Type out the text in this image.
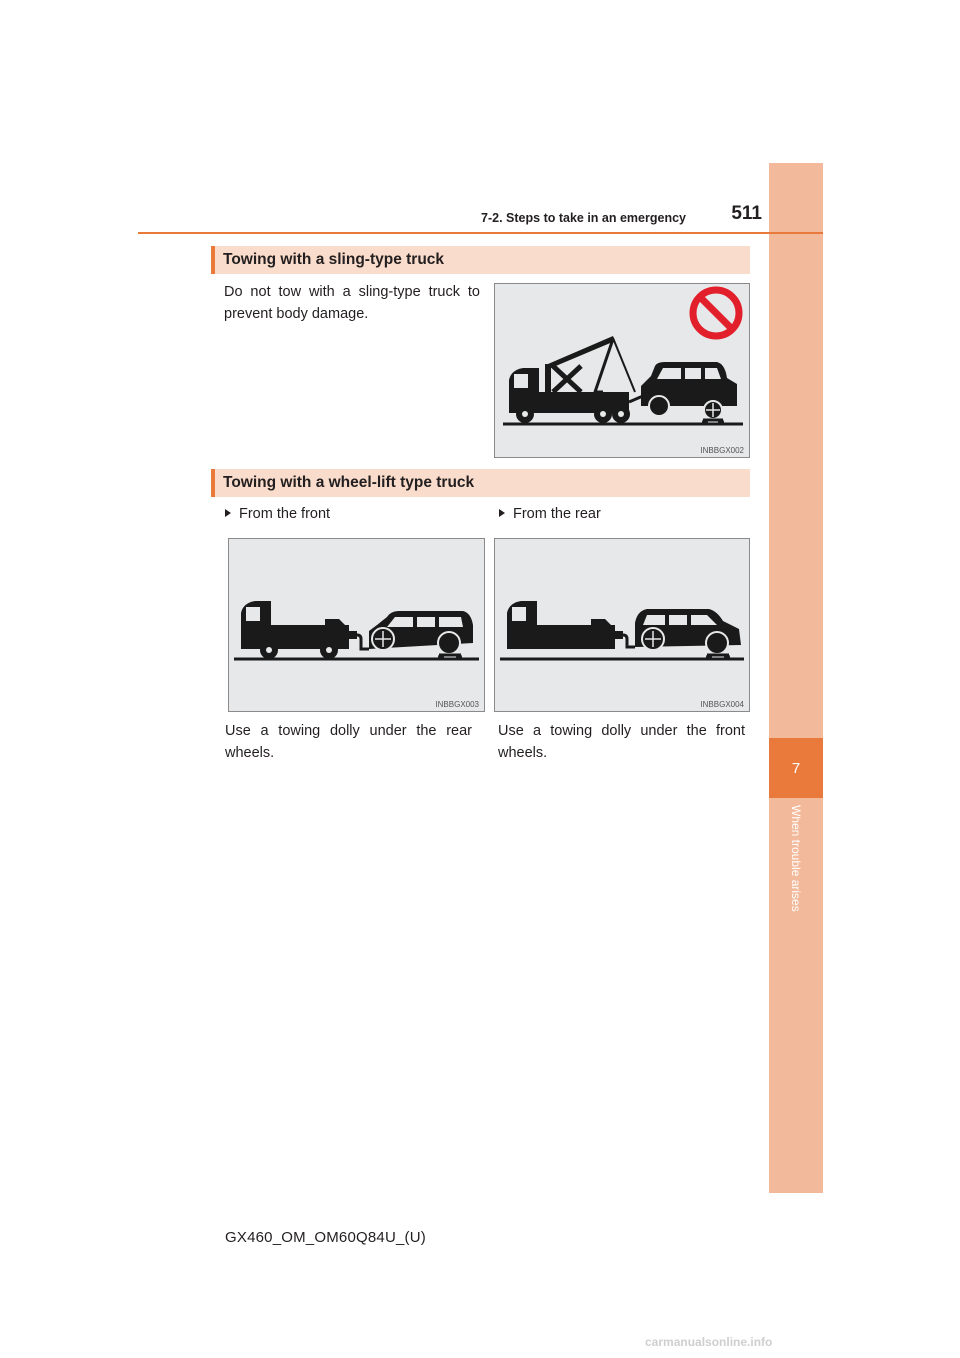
7
When trouble arises
7-2. Steps to take in an emergency	511
Towing with a sling-type truck
Do not tow with a sling-type truck to prevent body damage.
INBBGX002
Towing with a wheel-lift type truck
From the front	From the rear
INBBGX003	INBBGX004
Use a towing dolly under the rear wheels.
Use a towing dolly under the front wheels.
GX460_OM_OM60Q84U_(U)
carmanualsonline.info
